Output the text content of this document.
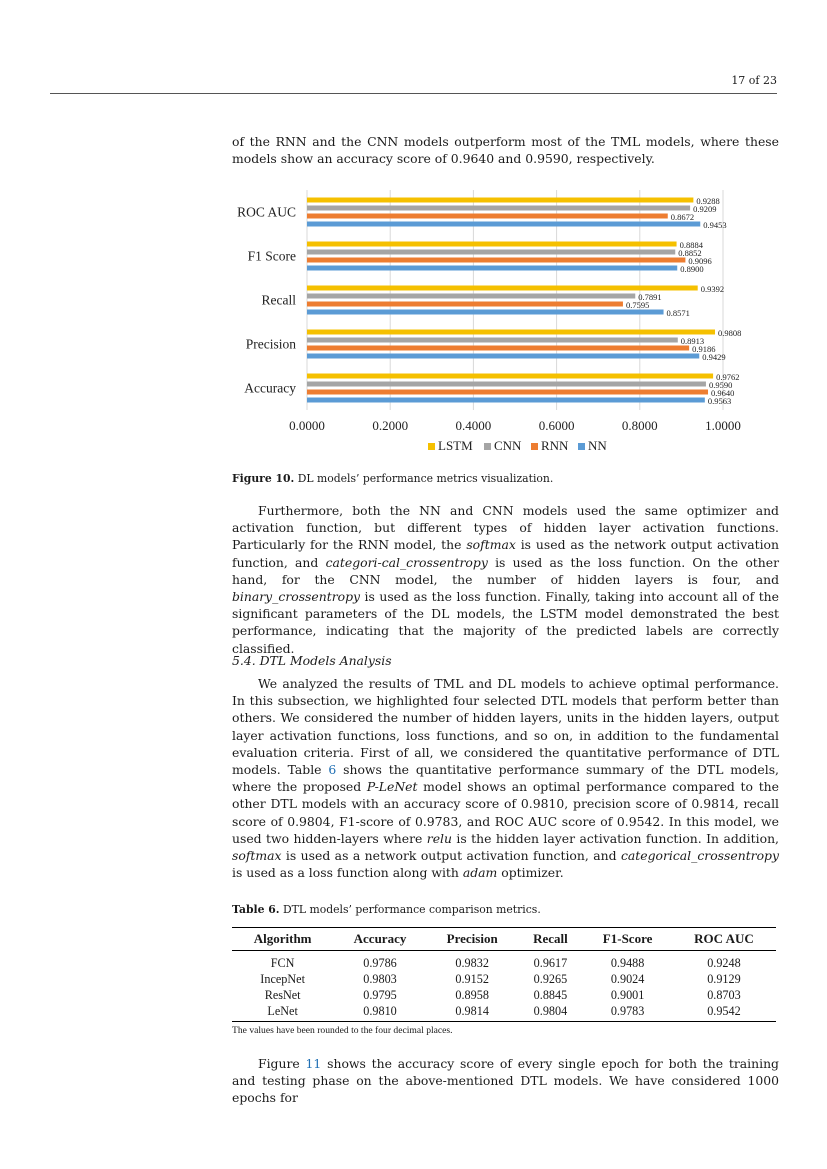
17 of 23

of the RNN and the CNN models outperform most of the TML models, where these models show an accuracy score of 0.9640 and 0.9590, respectively.

0.0000	0.2000	0.4000	0.6000	0.8000	1.0000
ROC AUC
0.9288
0.9209
0.8672
0.9453
F1 Score
0.8884
0.8852
0.9096
0.8900
Recall
0.9392
0.7891
0.7595
0.8571
Precision
0.9808
0.8913
0.9186
0.9429
Accuracy
0.9762
0.9590
0.9640
0.9563
LSTM CNN RNN NN
Figure 10. DL models’ performance metrics visualization.

Furthermore, both the NN and CNN models used the same optimizer and activation function, but different types of hidden layer activation functions. Particularly for the RNN model, the softmax is used as the network output activation function, and categori-cal_crossentropy is used as the loss function. On the other hand, for the CNN model, the number of hidden layers is four, and binary_crossentropy is used as the loss function. Finally, taking into account all of the significant parameters of the DL models, the LSTM model demonstrated the best performance, indicating that the majority of the predicted labels are correctly classified.

5.4. DTL Models Analysis

We analyzed the results of TML and DL models to achieve optimal performance. In this subsection, we highlighted four selected DTL models that perform better than others. We considered the number of hidden layers, units in the hidden layers, output layer activation functions, loss functions, and so on, in addition to the fundamental evaluation criteria. First of all, we considered the quantitative performance of DTL models. Table 6 shows the quantitative performance summary of the DTL models, where the proposed P-LeNet model shows an optimal performance compared to the other DTL models with an accuracy score of 0.9810, precision score of 0.9814, recall score of 0.9804, F1-score of 0.9783, and ROC AUC score of 0.9542. In this model, we used two hidden-layers where relu is the hidden layer activation function. In addition, softmax is used as a network output activation function, and categorical_crossentropy is used as a loss function along with adam optimizer.

Table 6. DTL models’ performance comparison metrics.
Algorithm	Accuracy	Precision	Recall	F1-Score	ROC AUC
FCN	0.9786	0.9832	0.9617	0.9488	0.9248
IncepNet	0.9803	0.9152	0.9265	0.9024	0.9129
ResNet	0.9795	0.8958	0.8845	0.9001	0.8703
LeNet	0.9810	0.9814	0.9804	0.9783	0.9542
The values have been rounded to the four decimal places.

Figure 11 shows the accuracy score of every single epoch for both the training and testing phase on the above-mentioned DTL models. We have considered 1000 epochs for
